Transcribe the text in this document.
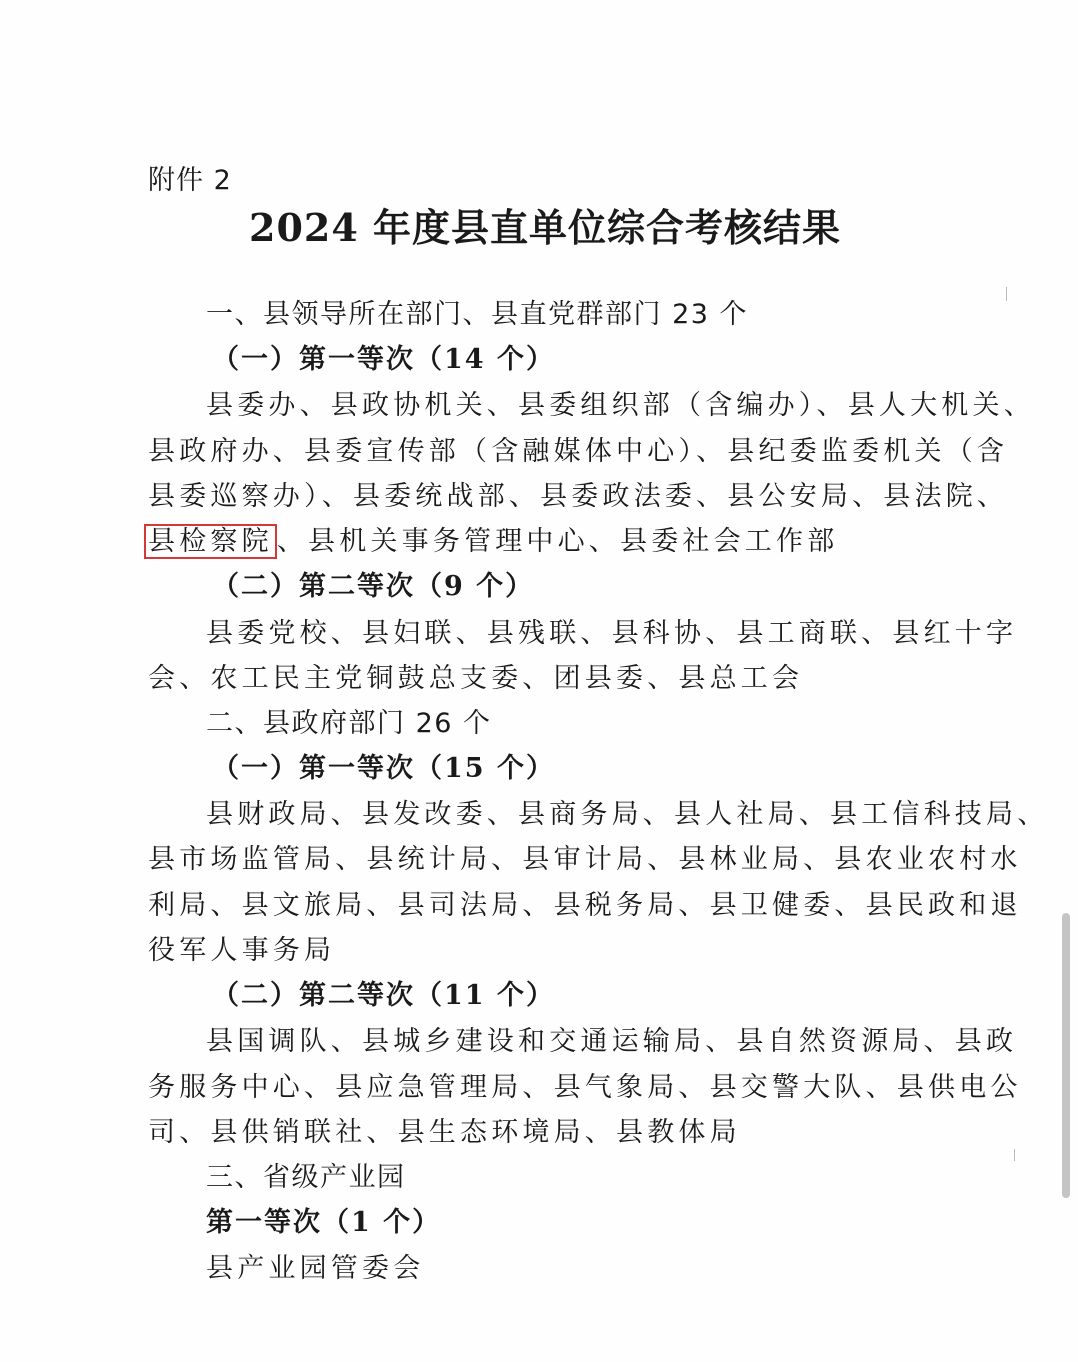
附件 2
2024 年度县直单位综合考核结果
一、县领导所在部门、县直党群部门 23 个
（一）第一等次（14 个）
县委办、县政协机关、县委组织部（含编办）、县人大机关、
县政府办、县委宣传部（含融媒体中心）、县纪委监委机关（含
县委巡察办）、县委统战部、县委政法委、县公安局、县法院、
县检察院 、县机关事务管理中心、县委社会工作部
（二）第二等次（9 个）
县委党校、县妇联、县残联、县科协、县工商联、县红十字
会、农工民主党铜鼓总支委、团县委、县总工会
二、县政府部门 26 个
（一）第一等次（15 个）
县财政局、县发改委、县商务局、县人社局、县工信科技局、
县市场监管局、县统计局、县审计局、县林业局、县农业农村水
利局、县文旅局、县司法局、县税务局、县卫健委、县民政和退
役军人事务局
（二）第二等次（11 个）
县国调队、县城乡建设和交通运输局、县自然资源局、县政
务服务中心、县应急管理局、县气象局、县交警大队、县供电公
司、县供销联社、县生态环境局、县教体局
三、省级产业园
第一等次（1 个）
县产业园管委会
